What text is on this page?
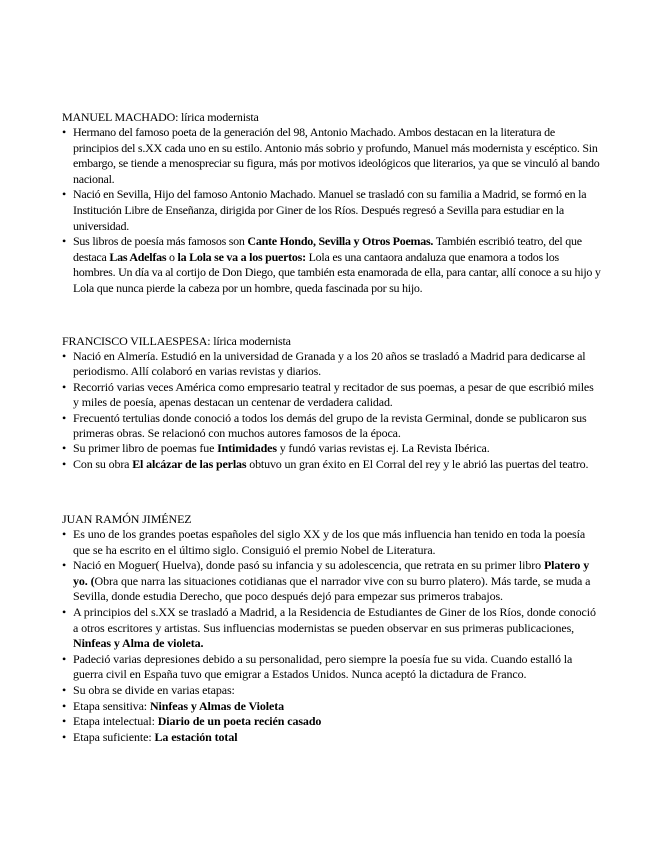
MANUEL MACHADO: lírica modernista
• Hermano del famoso poeta de la generación del 98, Antonio Machado. Ambos destacan en la literatura de principios del s.XX cada uno en su estilo. Antonio más sobrio y profundo, Manuel más modernista y escéptico. Sin embargo, se tiende a menospreciar su figura, más por motivos ideológicos que literarios, ya que se vinculó al bando nacional.
• Nació en Sevilla, Hijo del famoso Antonio Machado. Manuel se trasladó con su familia a Madrid, se formó en la Institución Libre de Enseñanza, dirigida por Giner de los Ríos. Después regresó a Sevilla para estudiar en la universidad.
• Sus libros de poesía más famosos son Cante Hondo, Sevilla y Otros Poemas. También escribió teatro, del que destaca Las Adelfas o la Lola se va a los puertos: Lola es una cantaora andaluza que enamora a todos los hombres. Un día va al cortijo de Don Diego, que también esta enamorada de ella, para cantar, allí conoce a su hijo y Lola que nunca pierde la cabeza por un hombre, queda fascinada por su hijo.
FRANCISCO VILLAESPESA: lírica modernista
• Nació en Almería. Estudió en la universidad de Granada y a los 20 años se trasladó a Madrid para dedicarse al periodismo. Allí colaboró en varias revistas y diarios.
• Recorrió varias veces América como empresario teatral y recitador de sus poemas, a pesar de que escribió miles y miles de poesía, apenas destacan un centenar de verdadera calidad.
• Frecuentó tertulias donde conoció a todos los demás del grupo de la revista Germinal, donde se publicaron sus primeras obras. Se relacionó con muchos autores famosos de la época.
• Su primer libro de poemas fue Intimidades y fundó varias revistas ej. La Revista Ibérica.
• Con su obra El alcázar de las perlas obtuvo un gran éxito en El Corral del rey y le abrió las puertas del teatro.
JUAN RAMÓN JIMÉNEZ
• Es uno de los grandes poetas españoles del siglo XX y de los que más influencia han tenido en toda la poesía que se ha escrito en el último siglo. Consiguió el premio Nobel de Literatura.
• Nació en Moguer( Huelva), donde pasó su infancia y su adolescencia, que retrata en su primer libro Platero y yo. (Obra que narra las situaciones cotidianas que el narrador vive con su burro platero). Más tarde, se muda a Sevilla, donde estudia Derecho, que poco después dejó para empezar sus primeros trabajos.
• A principios del s.XX se trasladó a Madrid, a la Residencia de Estudiantes de Giner de los Ríos, donde conoció a otros escritores y artistas. Sus influencias modernistas se pueden observar en sus primeras publicaciones, Ninfeas y Alma de violeta.
• Padeció varias depresiones debido a su personalidad, pero siempre la poesía fue su vida. Cuando estalló la guerra civil en España tuvo que emigrar a Estados Unidos. Nunca aceptó la dictadura de Franco.
• Su obra se divide en varias etapas:
• Etapa sensitiva: Ninfeas y Almas de Violeta
• Etapa intelectual: Diario de un poeta recién casado
• Etapa suficiente: La estación total
